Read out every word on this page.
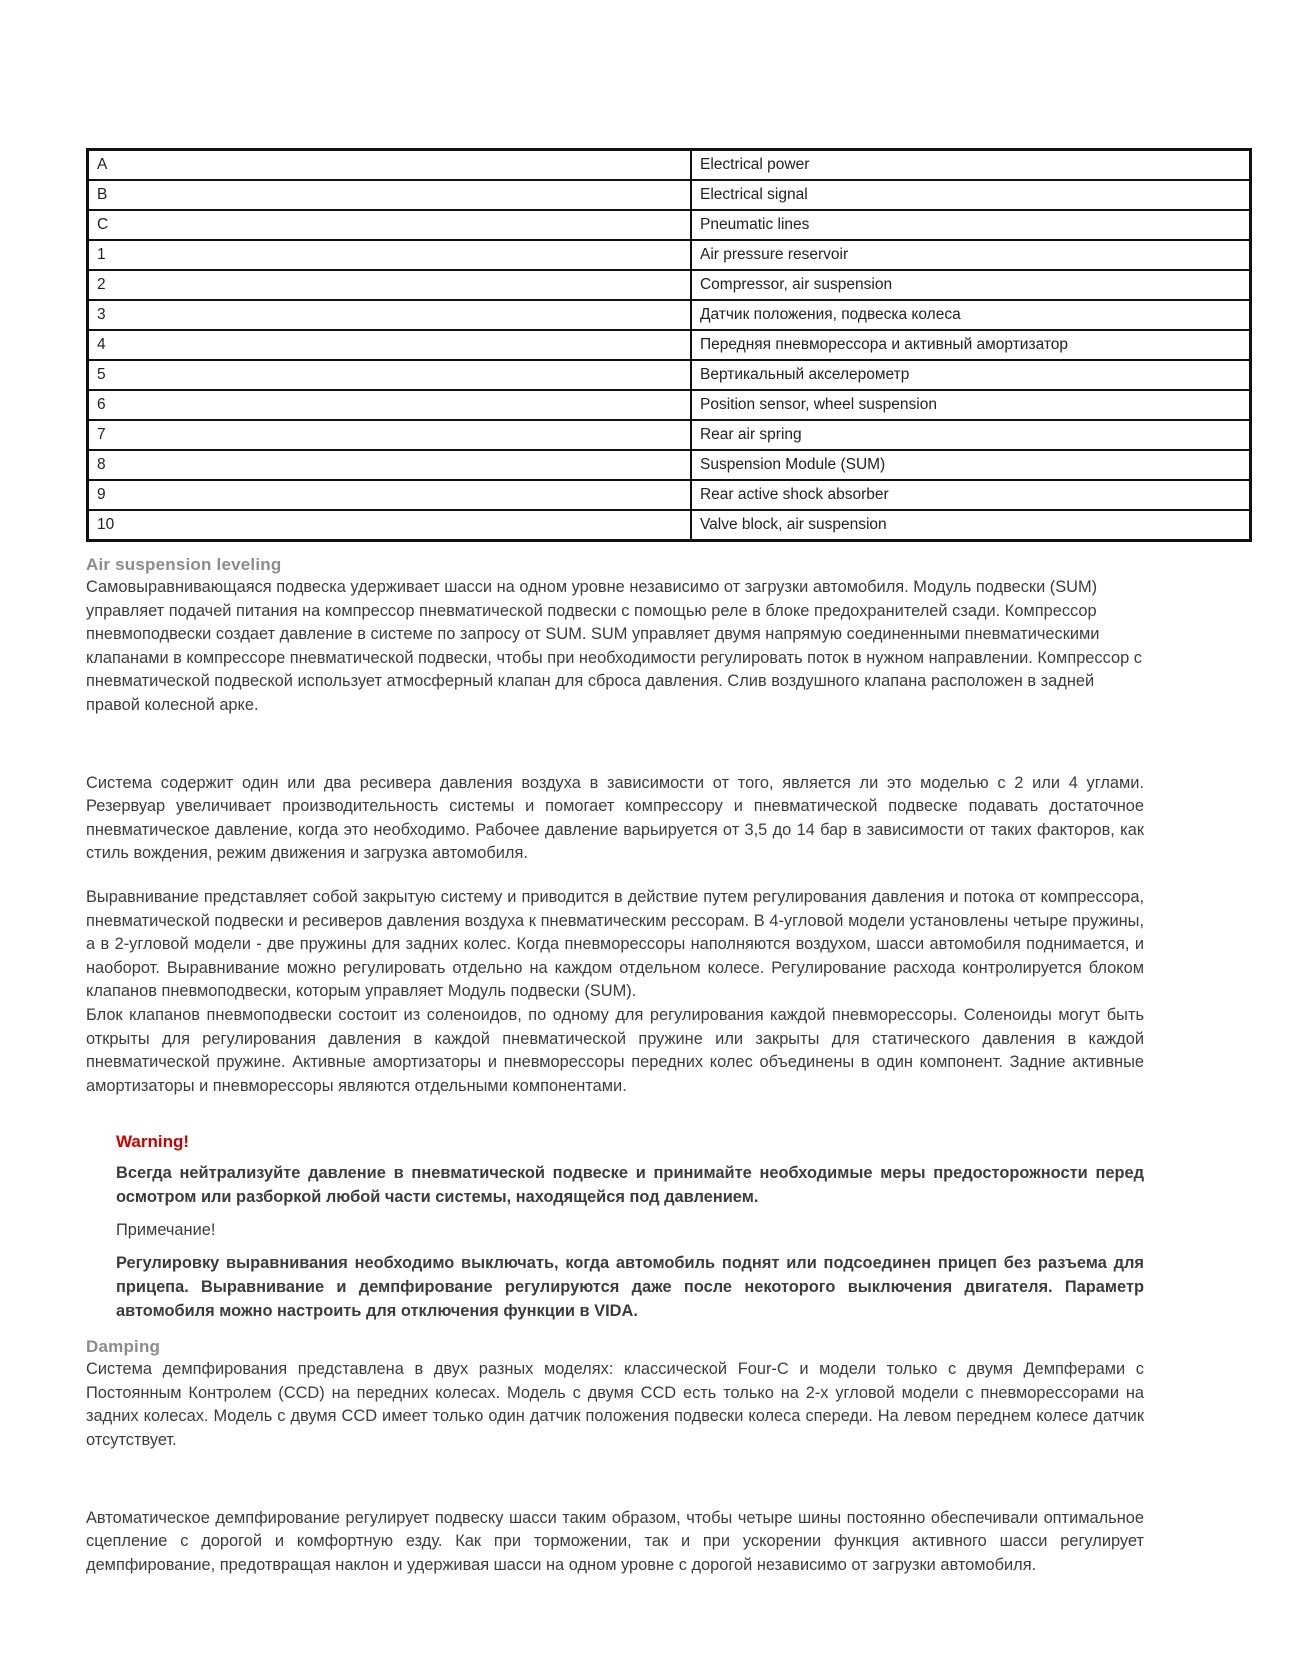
A	Electrical power
B	Electrical signal
C	Pneumatic lines
1	Air pressure reservoir
2	Compressor, air suspension
3	Датчик положения, подвеска колеса
4	Передняя пневморессора и активный амортизатор
5	Вертикальный акселерометр
6	Position sensor, wheel suspension
7	Rear air spring
8	Suspension Module (SUM)
9	Rear active shock absorber
10	Valve block, air suspension
Air suspension leveling

Самовыравнивающаяся подвеска удерживает шасси на одном уровне независимо от загрузки автомобиля. Модуль подвески (SUM) управляет подачей питания на компрессор пневматической подвески с помощью реле в блоке предохранителей сзади. Компрессор пневмоподвески создает давление в системе по запросу от SUM. SUM управляет двумя напрямую соединенными пневматическими клапанами в компрессоре пневматической подвески, чтобы при необходимости регулировать поток в нужном направлении. Компрессор с пневматической подвеской использует атмосферный клапан для сброса давления. Слив воздушного клапана расположен в задней правой колесной арке.

Система содержит один или два ресивера давления воздуха в зависимости от того, является ли это моделью с 2 или 4 углами. Резервуар увеличивает производительность системы и помогает компрессору и пневматической подвеске подавать достаточное пневматическое давление, когда это необходимо. Рабочее давление варьируется от 3,5 до 14 бар в зависимости от таких факторов, как стиль вождения, режим движения и загрузка автомобиля.

Выравнивание представляет собой закрытую систему и приводится в действие путем регулирования давления и потока от компрессора, пневматической подвески и ресиверов давления воздуха к пневматическим рессорам. В 4-угловой модели установлены четыре пружины, а в 2-угловой модели - две пружины для задних колес. Когда пневморессоры наполняются воздухом, шасси автомобиля поднимается, и наоборот. Выравнивание можно регулировать отдельно на каждом отдельном колесе. Регулирование расхода контролируется блоком клапанов пневмоподвески, которым управляет Модуль подвески (SUM).

Блок клапанов пневмоподвески состоит из соленоидов, по одному для регулирования каждой пневморессоры. Соленоиды могут быть открыты для регулирования давления в каждой пневматической пружине или закрыты для статического давления в каждой пневматической пружине. Активные амортизаторы и пневморессоры передних колес объединены в один компонент. Задние активные амортизаторы и пневморессоры являются отдельными компонентами.

Warning!

Всегда нейтрализуйте давление в пневматической подвеске и принимайте необходимые меры предосторожности перед осмотром или разборкой любой части системы, находящейся под давлением.

Примечание!

Регулировку выравнивания необходимо выключать, когда автомобиль поднят или подсоединен прицеп без разъема для прицепа. Выравнивание и демпфирование регулируются даже после некоторого выключения двигателя. Параметр автомобиля можно настроить для отключения функции в VIDA.

Damping

Система демпфирования представлена в двух разных моделях: классической Four-C и модели только с двумя Демпферами с Постоянным Контролем (CCD) на передних колесах. Модель с двумя CCD есть только на 2-х угловой модели с пневморессорами на задних колесах. Модель с двумя CCD имеет только один датчик положения подвески колеса спереди. На левом переднем колесе датчик отсутствует.

Автоматическое демпфирование регулирует подвеску шасси таким образом, чтобы четыре шины постоянно обеспечивали оптимальное сцепление с дорогой и комфортную езду. Как при торможении, так и при ускорении функция активного шасси регулирует демпфирование, предотвращая наклон и удерживая шасси на одном уровне с дорогой независимо от загрузки автомобиля.
